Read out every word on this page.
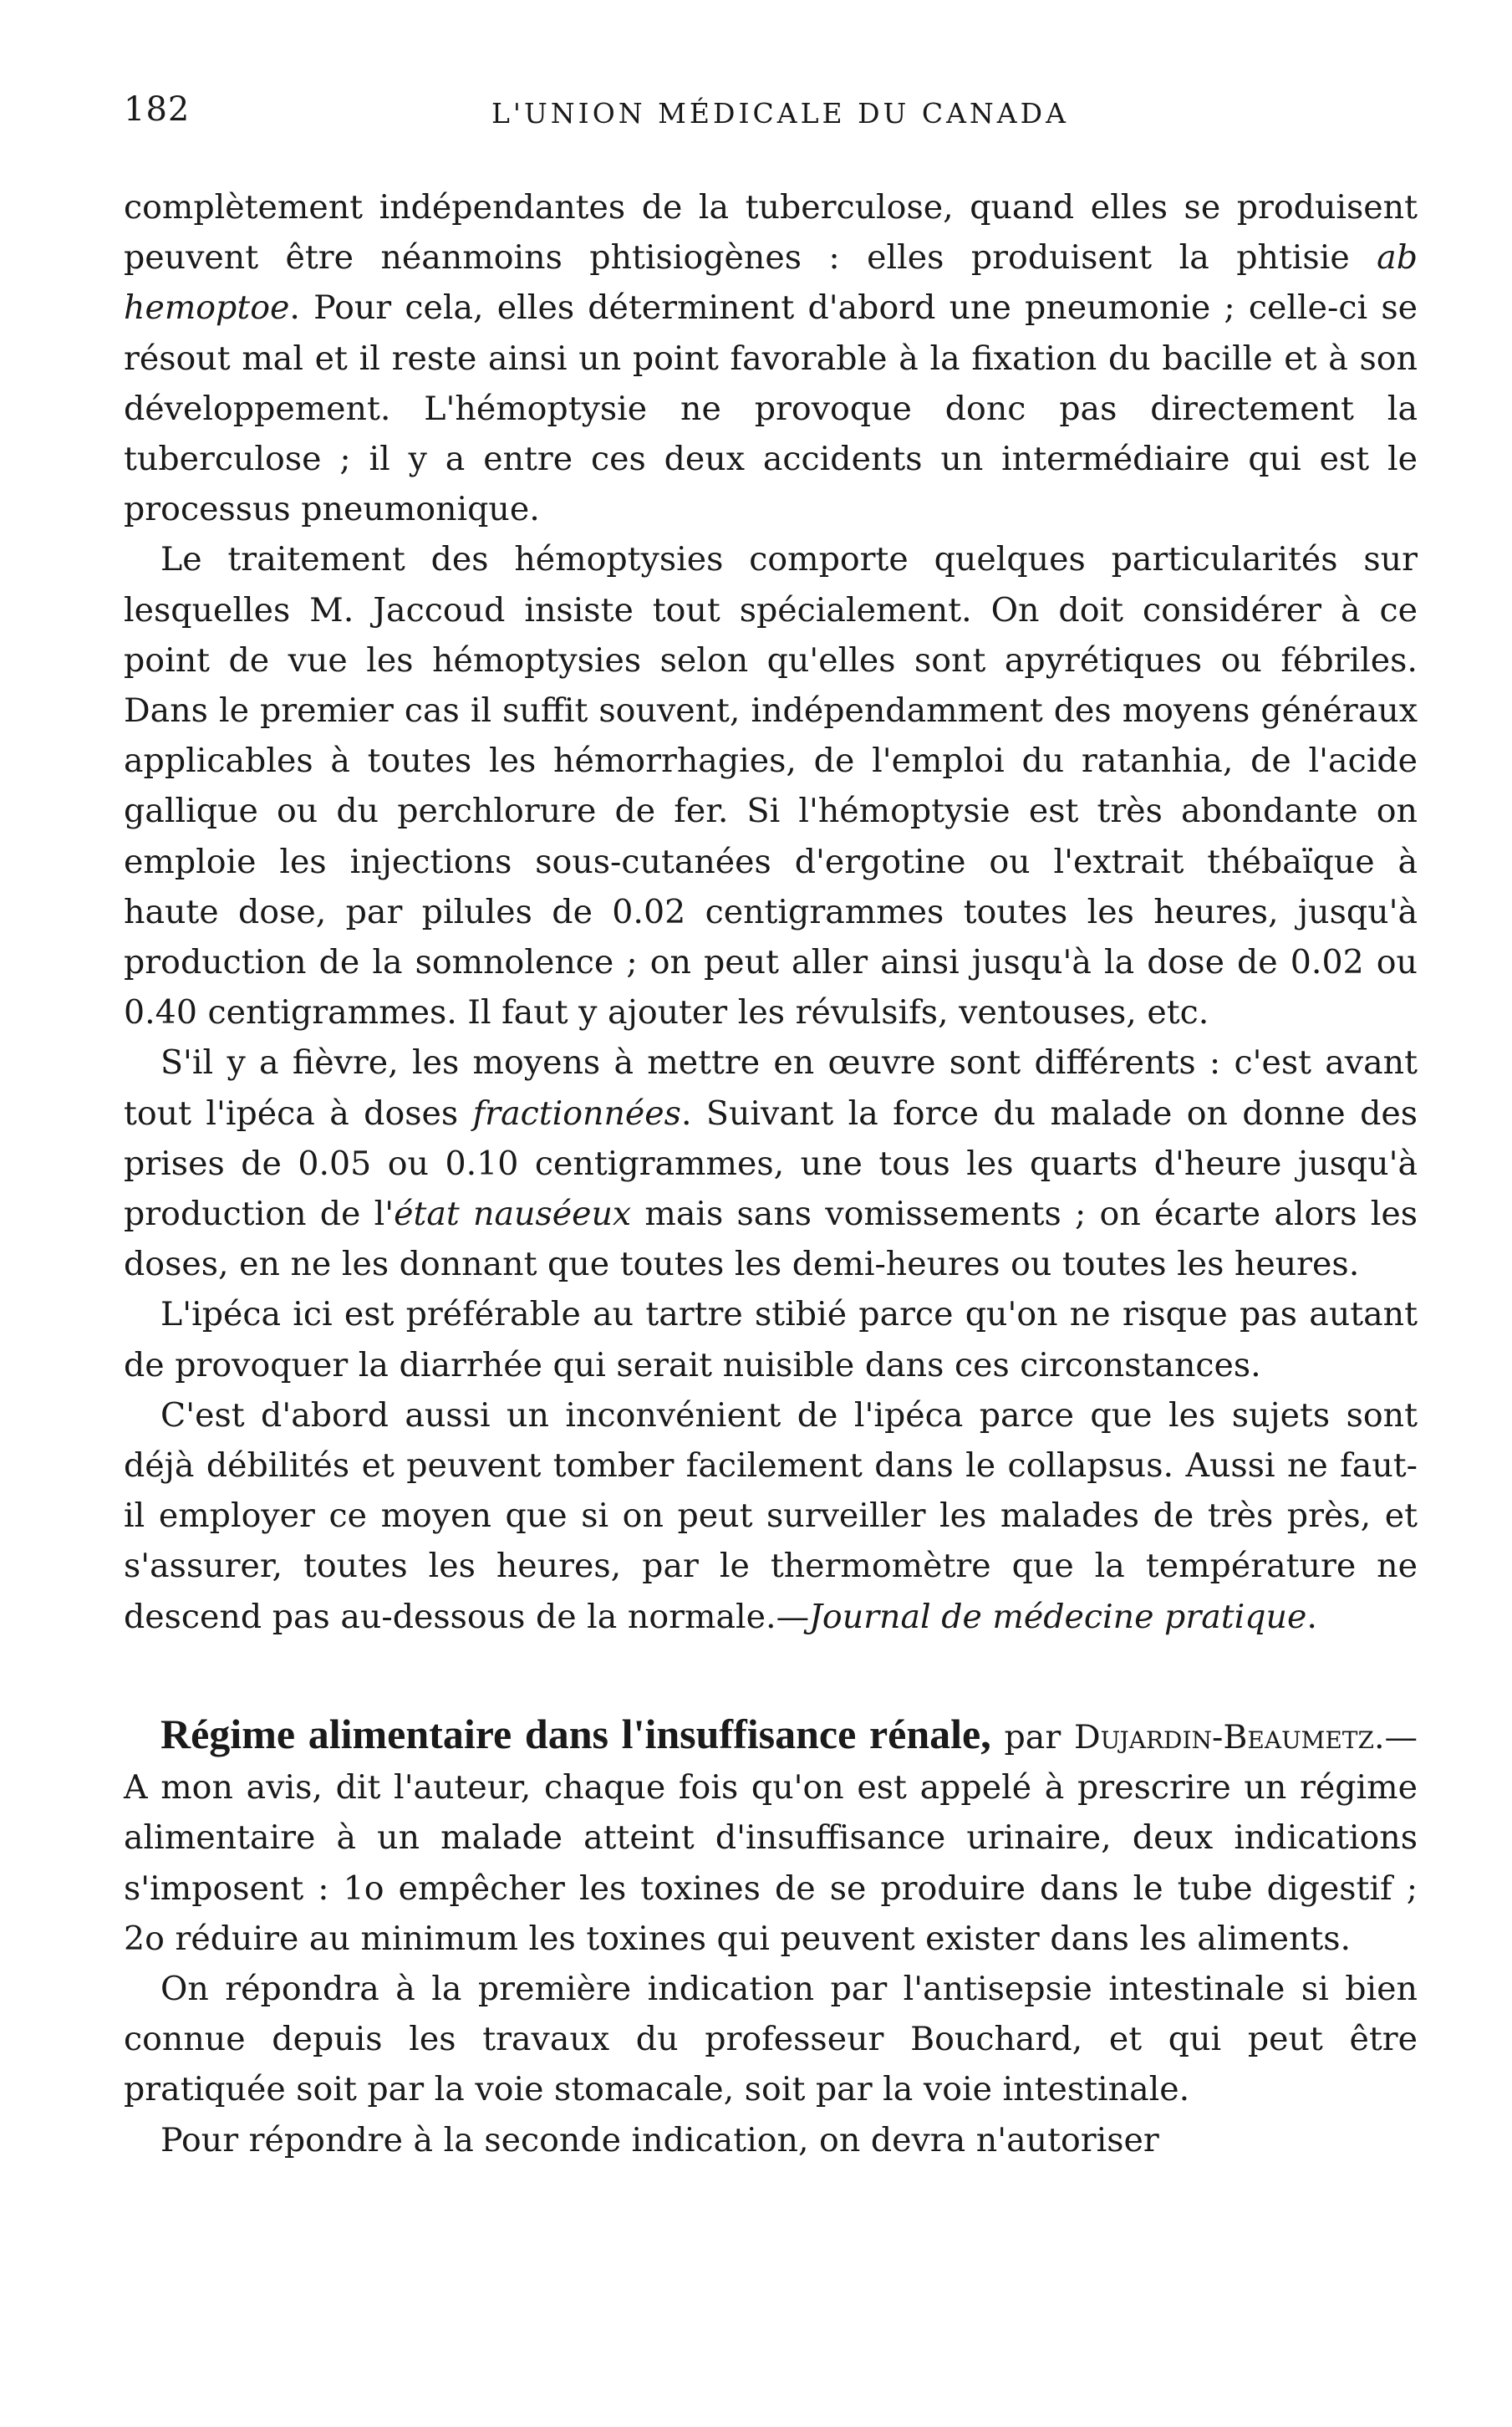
182	L'UNION MÉDICALE DU CANADA

complètement indépendantes de la tuberculose, quand elles se produisent peuvent être néanmoins phtisiogènes : elles produisent la phtisie ab hemoptoe. Pour cela, elles déterminent d'abord une pneumonie ; celle-ci se résout mal et il reste ainsi un point favorable à la fixation du bacille et à son développement. L'hémoptysie ne provoque donc pas directement la tuberculose ; il y a entre ces deux accidents un intermédiaire qui est le processus pneumonique.

Le traitement des hémoptysies comporte quelques particularités sur lesquelles M. Jaccoud insiste tout spécialement. On doit considérer à ce point de vue les hémoptysies selon qu'elles sont apyrétiques ou fébriles. Dans le premier cas il suffit souvent, indépendamment des moyens généraux applicables à toutes les hémorrhagies, de l'emploi du ratanhia, de l'acide gallique ou du perchlorure de fer. Si l'hémoptysie est très abondante on emploie les injections sous-cutanées d'ergotine ou l'extrait thébaïque à haute dose, par pilules de 0.02 centigrammes toutes les heures, jusqu'à production de la somnolence ; on peut aller ainsi jusqu'à la dose de 0.02 ou 0.40 centigrammes. Il faut y ajouter les révulsifs, ventouses, etc.

S'il y a fièvre, les moyens à mettre en œuvre sont différents : c'est avant tout l'ipéca à doses fractionnées. Suivant la force du malade on donne des prises de 0.05 ou 0.10 centigrammes, une tous les quarts d'heure jusqu'à production de l'état nauséeux mais sans vomissements ; on écarte alors les doses, en ne les donnant que toutes les demi-heures ou toutes les heures.

L'ipéca ici est préférable au tartre stibié parce qu'on ne risque pas autant de provoquer la diarrhée qui serait nuisible dans ces circonstances.

C'est d'abord aussi un inconvénient de l'ipéca parce que les sujets sont déjà débilités et peuvent tomber facilement dans le collapsus. Aussi ne faut-il employer ce moyen que si on peut surveiller les malades de très près, et s'assurer, toutes les heures, par le thermomètre que la température ne descend pas au-dessous de la normale.—Journal de médecine pratique.

Régime alimentaire dans l'insuffisance rénale, par Dujardin-Beaumetz.—A mon avis, dit l'auteur, chaque fois qu'on est appelé à prescrire un régime alimentaire à un malade atteint d'insuffisance urinaire, deux indications s'imposent : 1o empêcher les toxines de se produire dans le tube digestif ; 2o réduire au minimum les toxines qui peuvent exister dans les aliments.

On répondra à la première indication par l'antisepsie intestinale si bien connue depuis les travaux du professeur Bouchard, et qui peut être pratiquée soit par la voie stomacale, soit par la voie intestinale.

Pour répondre à la seconde indication, on devra n'autoriser
